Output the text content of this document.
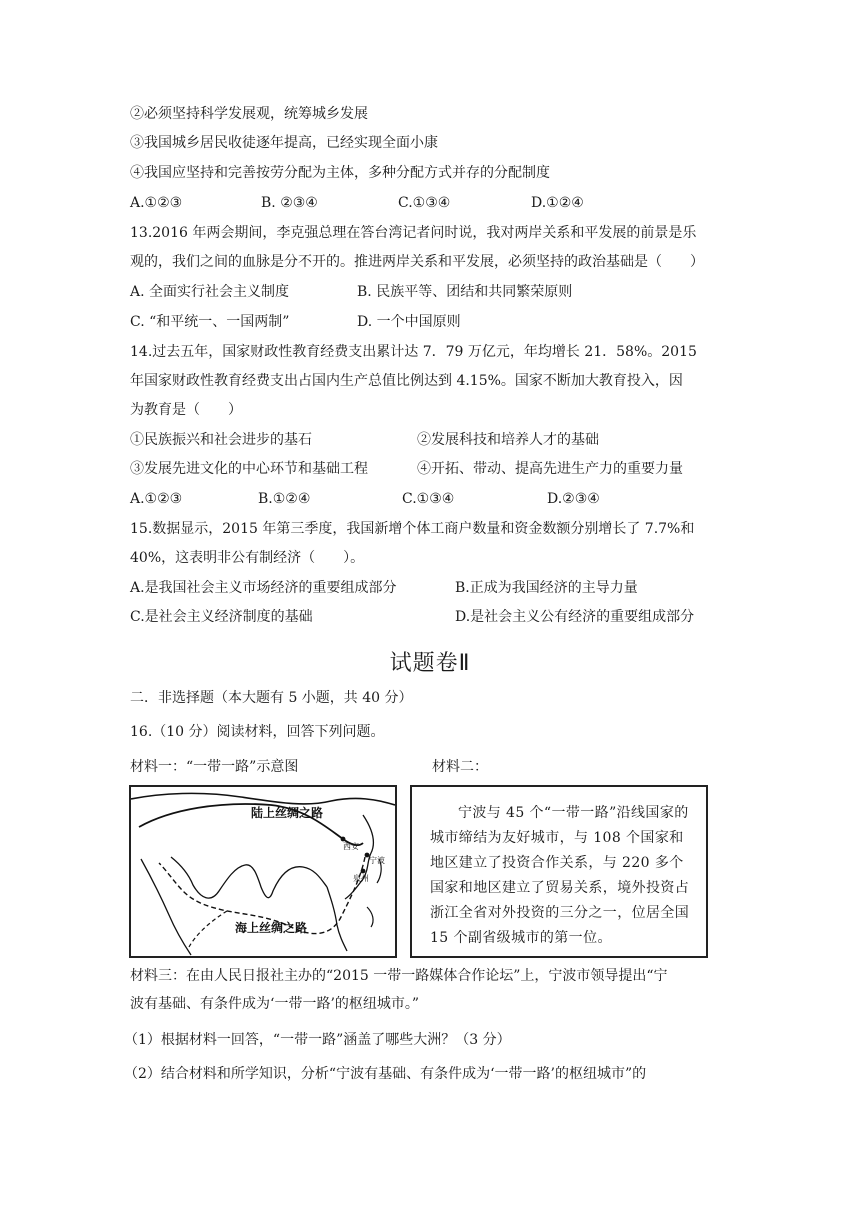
②必须坚持科学发展观，统筹城乡发展
③我国城乡居民收徒逐年提高，已经实现全面小康
④我国应坚持和完善按劳分配为主体，多种分配方式并存的分配制度
A.①②③	B. ②③④	C.①③④	D.①②④
13.2016 年两会期间，李克强总理在答台湾记者问时说，我对两岸关系和平发展的前景是乐
观的，我们之间的血脉是分不开的。推进两岸关系和平发展，必须坚持的政治基础是（　　）
A. 全面实行社会主义制度	B. 民族平等、团结和共同繁荣原则
C. “和平统一、一国两制”	D. 一个中国原则
14.过去五年，国家财政性教育经费支出累计达 7．79 万亿元，年均增长 21．58%。2015
年国家财政性教育经费支出占国内生产总值比例达到 4.15%。国家不断加大教育投入，因
为教育是（　　）
①民族振兴和社会进步的基石	②发展科技和培养人才的基础
③发展先进文化的中心环节和基础工程	④开拓、带动、提高先进生产力的重要力量
A.①②③	B.①②④	C.①③④	D.②③④
15.数据显示，2015 年第三季度，我国新增个体工商户数量和资金数额分别增长了 7.7%和
40%，这表明非公有制经济（　　）。
A.是我国社会主义市场经济的重要组成部分	B.正成为我国经济的主导力量
C.是社会主义经济制度的基础	D.是社会主义公有经济的重要组成部分
试题卷Ⅱ
二．非选择题（本大题有 5 小题，共 40 分）
16.（10 分）阅读材料，回答下列问题。
材料一：“一带一路”示意图	材料二：
陆上丝绸之路
海上丝绸之路
西安
宁波
泉州
宁波与 45 个“一带一路”沿线国家的城市缔结为友好城市，与 108 个国家和地区建立了投资合作关系，与 220 多个国家和地区建立了贸易关系，境外投资占浙江全省对外投资的三分之一，位居全国 15 个副省级城市的第一位。
材料三：在由人民日报社主办的“2015 一带一路媒体合作论坛”上，宁波市领导提出“宁
波有基础、有条件成为‘一带一路’的枢纽城市。”
（1）根据材料一回答，“一带一路”涵盖了哪些大洲？（3 分）
（2）结合材料和所学知识，分析“宁波有基础、有条件成为‘一带一路’的枢纽城市”的
